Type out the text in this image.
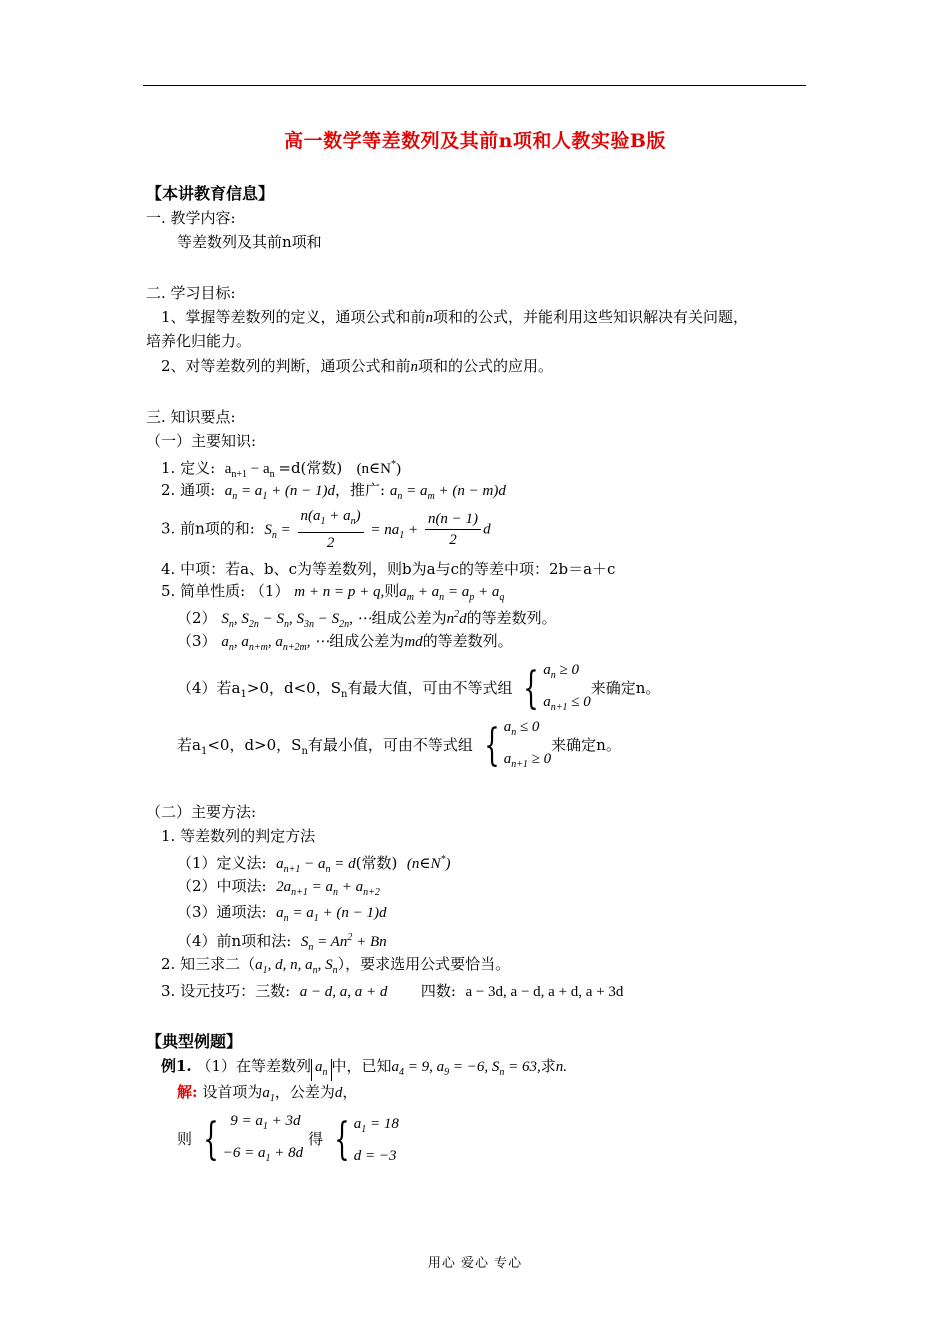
高一数学等差数列及其前n项和人教实验B版
【本讲教育信息】
一. 教学内容:
等差数列及其前n项和
二. 学习目标:
1、掌握等差数列的定义，通项公式和前n项和的公式，并能利用这些知识解决有关问题，
培养化归能力。
2、对等差数列的判断，通项公式和前n项和的公式的应用。
三. 知识要点:
（一）主要知识:
1. 定义: $a_{n+1} - a_n =d$(常数) (n∈N*)
2. 通项: $a_n = a_1 + (n - 1)d$，推广: $a_n = a_m + (n - m)d$
3. 前n项的和: $S_n = \frac{n(a_1 + a_n)}{2} = na_1 + \frac{n(n - 1)}{2}$ d
4. 中项：若a、b、c为等差数列，则b为a与c的等差中项：2b＝a＋c
5. 简单性质: （1） m + n = p + q,则$a_m + a_n = a_p + a_q$
（2） $S_n$, $S_{2n} - S_n$, $S_{3n} - S_{2n}$, ⋯组成公差为$n^2d$的等差数列。
（3） $a_n$, $a_{n+m}$, $a_{n+2m}$, ⋯组成公差为md的等差数列。
（4）若$a_1>0$，d<0，$S_n$有最大值，可由不等式组 { $a_n \ge 0$
$a_{n+1} \le 0$
来确定n。
若$a_1<0$，d>0，$S_n$有最小值，可由不等式组 { $a_n \le 0$
$a_{n+1} \ge 0$
来确定n。
（二）主要方法:
1. 等差数列的判定方法
（1）定义法: $a_{n+1} - a_n = d$(常数) (n∈N*)
（2）中项法: $2a_{n+1} = a_n + a_{n+2}$
（3）通项法: $a_n = a_1 + (n - 1)d$
（4）前n项和法: $S_n = An^2 + Bn$
2. 知三求二（$a_1$, d, n, $a_n$, $S_n$），要求选用公式要恰当。
3. 设元技巧：三数: a − d, a, a + d 四数: a − 3d, a − d, a + d, a + 3d
【典型例题】
例1. （1）在等差数列 $a_n$ 中，已知$a_4 = 9$, $a_9 = -6$, $S_n = 63$,求n.
解: 设首项为$a_1$，公差为d，
则 { $9 = a_1 + 3d$
$-6 = a_1 + 8d$
得 { $a_1 = 18$
d = −3
用心 爱心 专心
